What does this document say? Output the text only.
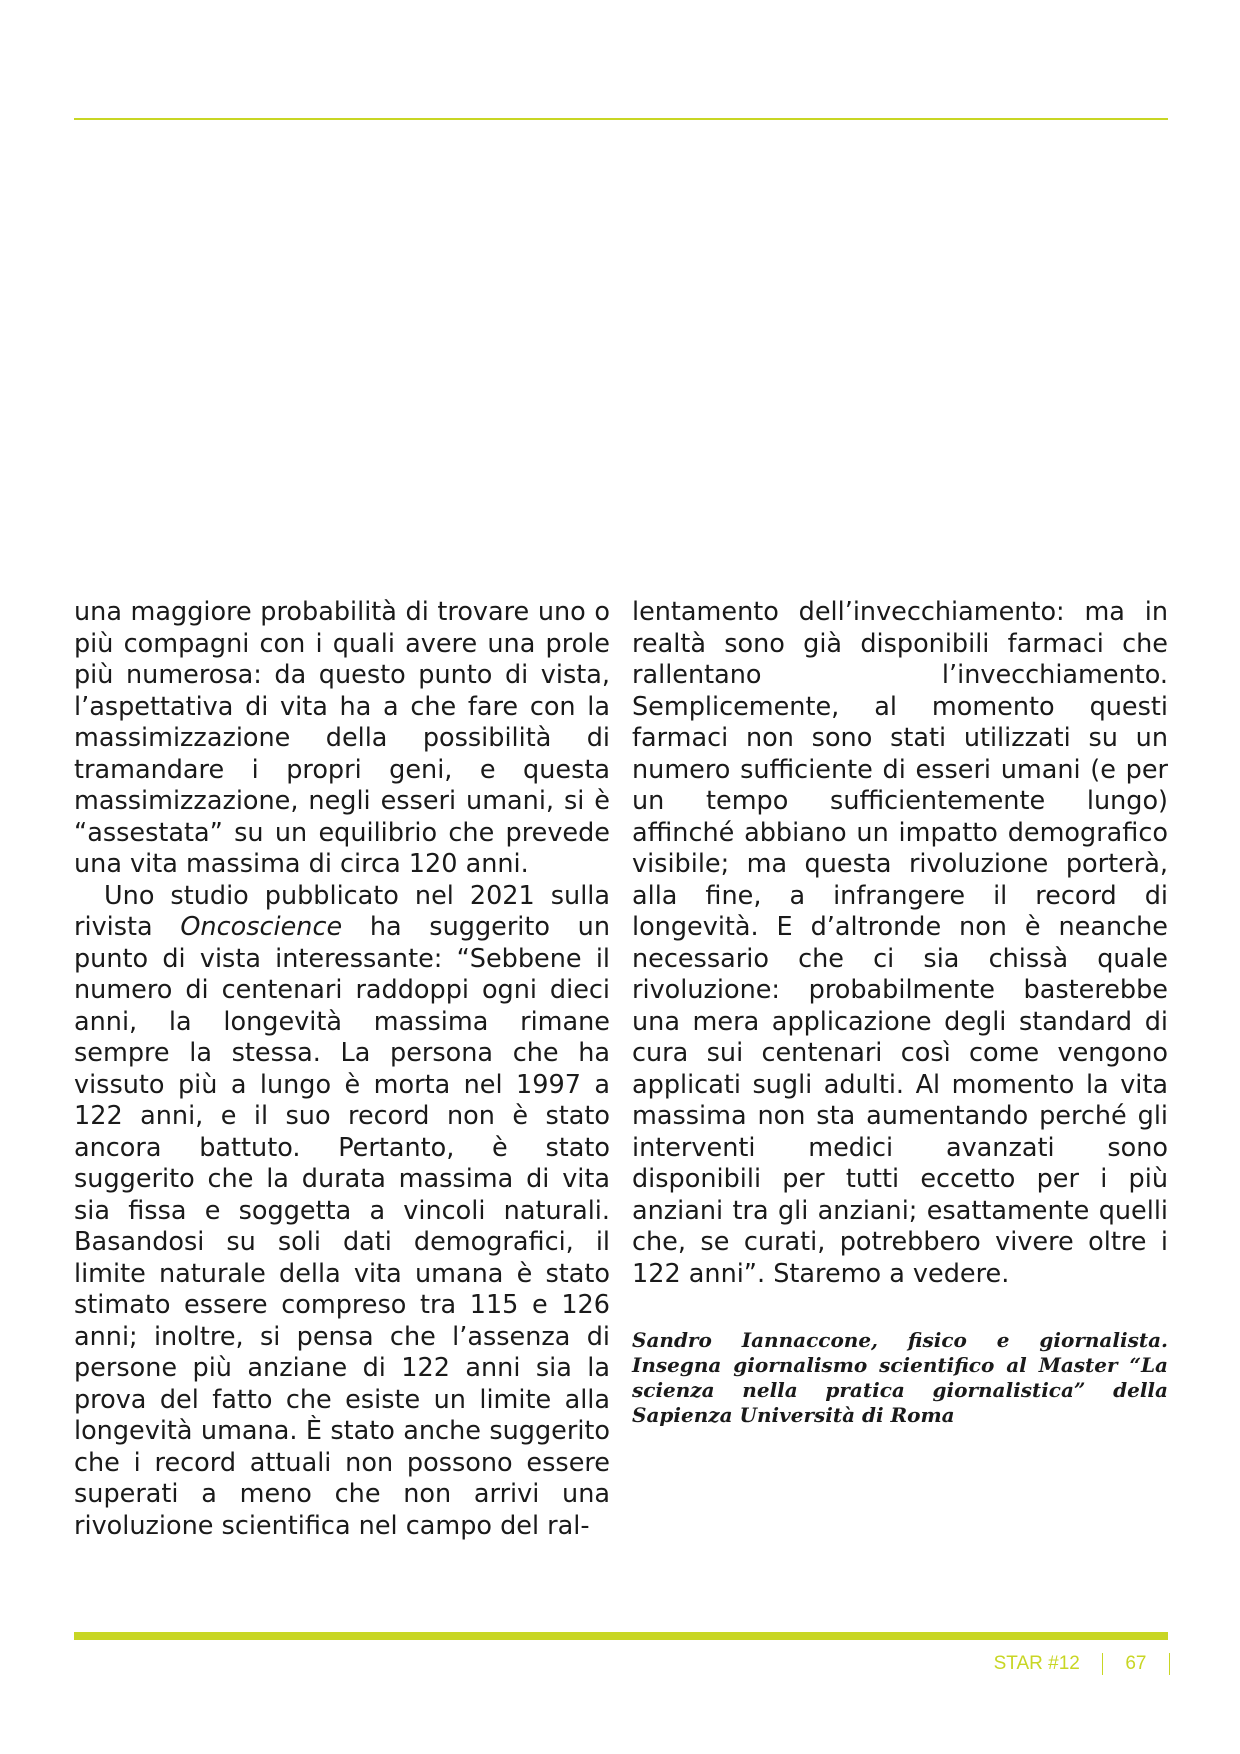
una maggiore probabilità di trovare uno o più compagni con i quali avere una prole più numerosa: da questo punto di vista, l’aspettativa di vita ha a che fare con la massimizzazione della possibilità di tramandare i propri geni, e questa massimizzazione, negli esseri umani, si è “assestata” su un equilibrio che prevede una vita massima di circa 120 anni.

Uno studio pubblicato nel 2021 sulla rivista Oncoscience ha suggerito un punto di vista interessante: “Sebbene il numero di centenari raddoppi ogni dieci anni, la longevità massima rimane sempre la stessa. La persona che ha vissuto più a lungo è morta nel 1997 a 122 anni, e il suo record non è stato ancora battuto. Pertanto, è stato suggerito che la durata massima di vita sia fissa e soggetta a vincoli naturali. Basandosi su soli dati demografici, il limite naturale della vita umana è stato stimato essere compreso tra 115 e 126 anni; inoltre, si pensa che l’assenza di persone più anziane di 122 anni sia la prova del fatto che esiste un limite alla longevità umana. È stato anche suggerito che i record attuali non possono essere superati a meno che non arrivi una rivoluzione scientifica nel campo del ral-

lentamento dell’invecchiamento: ma in realtà sono già disponibili farmaci che rallentano l’invecchiamento. Semplicemente, al momento questi farmaci non sono stati utilizzati su un numero sufficiente di esseri umani (e per un tempo sufficientemente lungo) affinché abbiano un impatto demografico visibile; ma questa rivoluzione porterà, alla fine, a infrangere il record di longevità. E d’altronde non è neanche necessario che ci sia chissà quale rivoluzione: probabilmente basterebbe una mera applicazione degli standard di cura sui centenari così come vengono applicati sugli adulti. Al momento la vita massima non sta aumentando perché gli interventi medici avanzati sono disponibili per tutti eccetto per i più anziani tra gli anziani; esattamente quelli che, se curati, potrebbero vivere oltre i 122 anni”. Staremo a vedere.

Sandro Iannaccone, fisico e giornalista. Insegna giornalismo scientifico al Master “La scienza nella pratica giornalistica” della Sapienza Università di Roma

STAR #12 67
